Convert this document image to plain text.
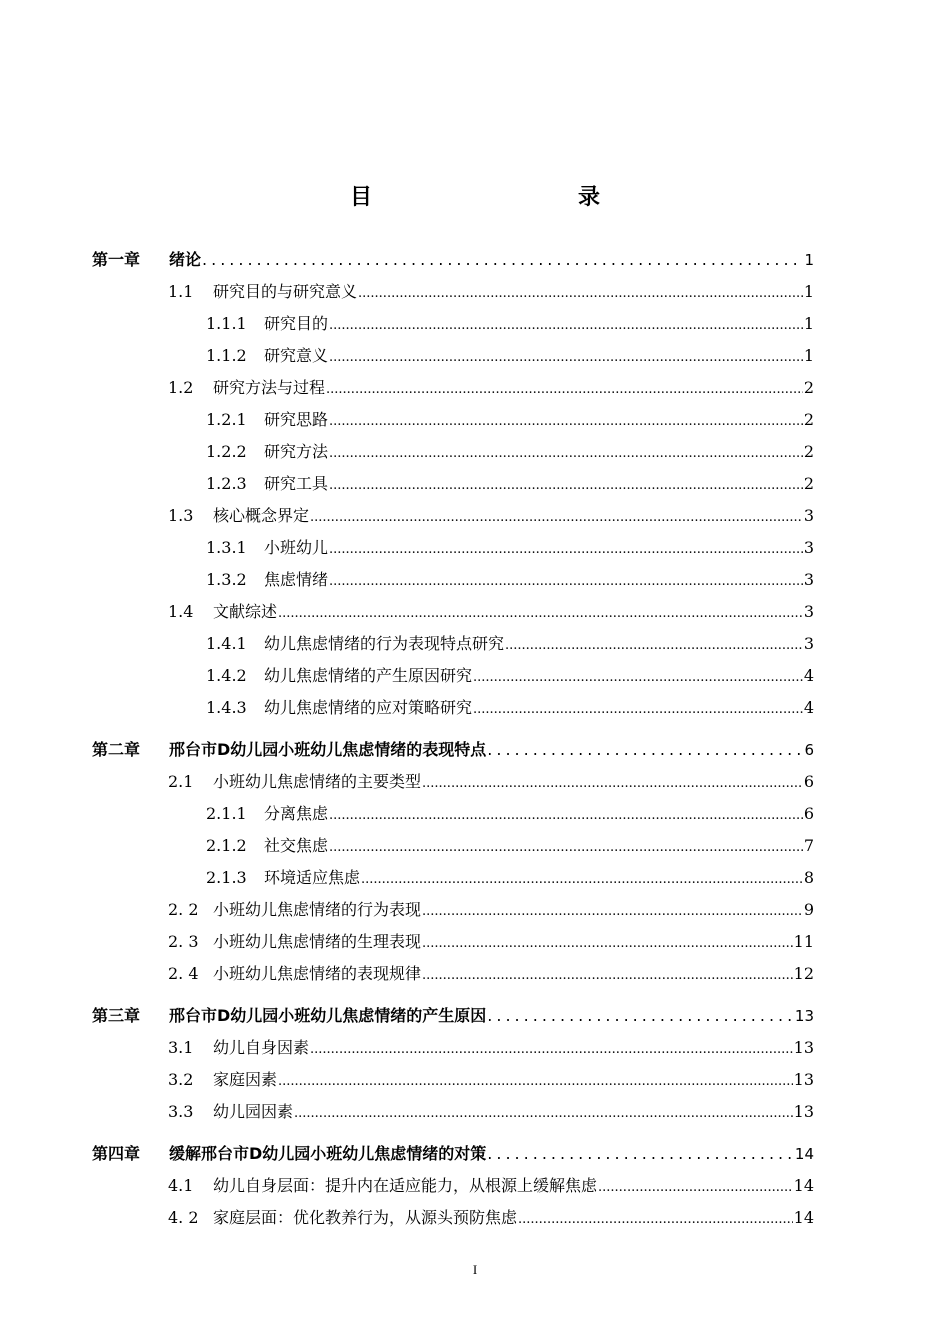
目　　录
第一章	绪论 .....	1
1.1	研究目的与研究意义 .....	1
1.1.1	研究目的 .....	1
1.1.2	研究意义 .....	1
1.2	研究方法与过程 .....	2
1.2.1	研究思路 .....	2
1.2.2	研究方法 .....	2
1.2.3	研究工具 .....	2
1.3	核心概念界定 .....	3
1.3.1	小班幼儿 .....	3
1.3.2	焦虑情绪 .....	3
1.4	文献综述 .....	3
1.4.1	幼儿焦虑情绪的行为表现特点研究 .....	3
1.4.2	幼儿焦虑情绪的产生原因研究 .....	4
1.4.3	幼儿焦虑情绪的应对策略研究 .....	4
第二章	邢台市D幼儿园小班幼儿焦虑情绪的表现特点 .....	6
2.1	小班幼儿焦虑情绪的主要类型 .....	6
2.1.1	分离焦虑 .....	6
2.1.2	社交焦虑 .....	7
2.1.3	环境适应焦虑 .....	8
2. 2 小班幼儿焦虑情绪的行为表现 .....	9
2. 3 小班幼儿焦虑情绪的生理表现 .....	11
2. 4 小班幼儿焦虑情绪的表现规律 .....	12
第三章	邢台市D幼儿园小班幼儿焦虑情绪的产生原因 .....	13
3.1	幼儿自身因素 .....	13
3.2	家庭因素 .....	13
3.3	幼儿园因素 .....	13
第四章	缓解邢台市D幼儿园小班幼儿焦虑情绪的对策 .....	14
4.1	幼儿自身层面：提升内在适应能力，从根源上缓解焦虑 .....	14
4. 2 家庭层面：优化教养行为，从源头预防焦虑 .....	14
I
